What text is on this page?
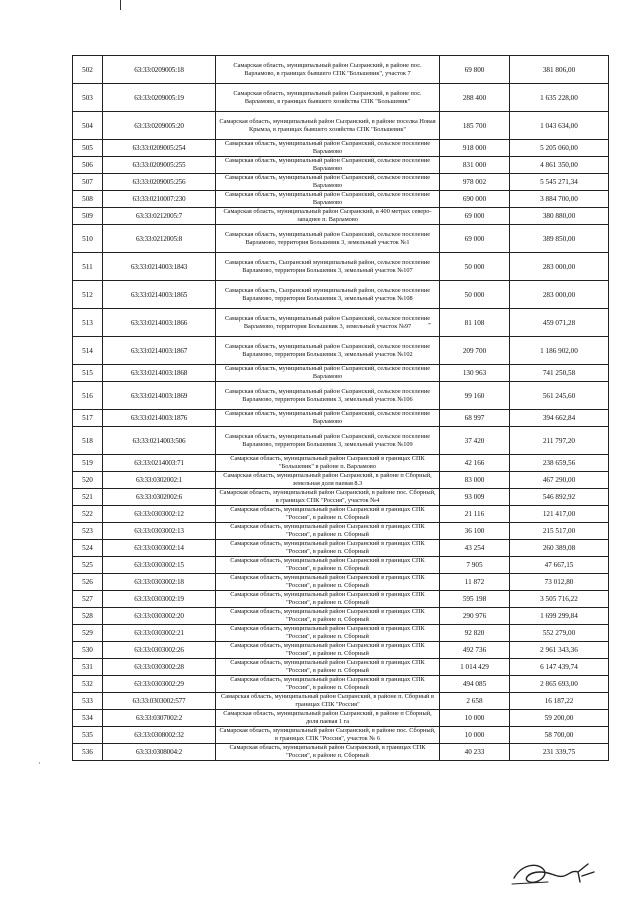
·
-
502	63:33:0209005:18	Самарская область, муниципальный район Сызранский, в районе пос. Варламово, в границах бывшего СПК "Большевик", участок 7	69 800	381 806,00
503	63:33:0209005:19	Самарская область, муниципальный район Сызранский, в районе пос. Варламово, в границах бывшего хозяйства СПК "Большевик"	288 400	1 635 228,00
504	63:33:0209005:20	Самарская область, муниципальный район Сызранский, в районе поселка Новая Крымза, в границах бывшего хозяйства СПК "Большевик"	185 700	1 043 634,00
505	63:33:0209005:254	Самарская область, муниципальный район Сызранский, сельское поселение Варламово	918 000	5 205 060,00
506	63:33:0209005:255	Самарская область, муниципальный район Сызранский, сельское поселение Варламово	831 000	4 861 350,00
507	63:33:0209005:256	Самарская область, муниципальный район Сызранский, сельское поселение Варламово	978 002	5 545 271,34
508	63:33:0210007:230	Самарская область, муниципальный район Сызранский, сельское поселение Варламово	690 000	3 884 700,00
509	63:33:0212005:7	Самарская область, муниципальный район Сызранский, в 400 метрах северо-западнее п. Варламово	69 000	380 880,00
510	63:33:0212005:8	Самарская область, муниципальный район Сызранский, сельское поселение Варламово, территория Большевик 3, земельный участок №1	69 000	389 850,00
511	63:33:0214003:1843	Самарская область, Сызранский муниципальный район, сельское поселение Варламово, территория Большевик 3, земельный участок №107	50 000	283 000,00
512	63:33:0214003:1865	Самарская область, Сызранский муниципальный район, сельское поселение Варламово, территория Большевик 3, земельный участок №108	50 000	283 000,00
513	63:33:0214003:1866	Самарская область, муниципальный район Сызранский, сельское поселение Варламово, территория Большевик 3, земельный участок №97	81 108	459 071,28
514	63:33:0214003:1867	Самарская область, муниципальный район Сызранский, сельское поселение Варламово, территория Большевик 3, земельный участок №102	209 700	1 186 902,00
515	63:33:0214003:1868	Самарская область, муниципальный район Сызранский, сельское поселение Варламово	130 963	741 250,58
516	63:33:0214003:1869	Самарская область, муниципальный район Сызранский, сельское поселение Варламово, территория Большевик 3, земельный участок №106	99 160	561 245,60
517	63:33:0214003:1876	Самарская область, муниципальный район Сызранский, сельское поселение Варламово	68 997	394 662,84
518	63:33:0214003:506	Самарская область, муниципальный район Сызранский, сельское поселение Варламово, территория Большевик 3, земельный участок №109	37 420	211 797,20
519	63:33:0214003:71	Самарская область, муниципальный район Сызранский в границах СПК "Большевик" в районе п. Варламово	42 166	238 659,56
520	63:33:0302002:1	Самарская область, муниципальный район Сызранский, в районе п Сборный, земельная доля паевая 8.3	83 000	467 290,00
521	63:33:0302002:6	Самарская область, муниципальный район Сызранский, в районе пос. Сборный, в границах СПК "Россия", участок №4	93 009	546 892,92
522	63:33:0303002:12	Самарская область, муниципальный район Сызранский в границах СПК "Россия", в районе п. Сборный	21 116	121 417,00
523	63:33:0303002:13	Самарская область, муниципальный район Сызранский в границах СПК "Россия", в районе п. Сборный	36 100	215 517,00
524	63:33:0303002:14	Самарская область, муниципальный район Сызранский в границах СПК "Россия", в районе п. Сборный	43 254	260 389,08
525	63:33:0303002:15	Самарская область, муниципальный район Сызранский в границах СПК "Россия", в районе п. Сборный	7 905	47 667,15
526	63:33:0303002:18	Самарская область, муниципальный район Сызранский в границах СПК "Россия", в районе п. Сборный	11 872	73 012,80
527	63:33:0303002:19	Самарская область, муниципальный район Сызранский в границах СПК "Россия", в районе п. Сборный	595 198	3 505 716,22
528	63:33:0303002:20	Самарская область, муниципальный район Сызранский в границах СПК "Россия", в районе п. Сборный	290 976	1 699 299,84
529	63:33:0303002:21	Самарская область, муниципальный район Сызранский в границах СПК "Россия", в районе п. Сборный	92 820	552 279,00
530	63:33:0303002:26	Самарская область, муниципальный район Сызранский в границах СПК "Россия", в районе п. Сборный	492 736	2 961 343,36
531	63:33:0303002:28	Самарская область, муниципальный район Сызранский в границах СПК "Россия", в районе п. Сборный	1 014 429	6 147 439,74
532	63:33:0303002:29	Самарская область, муниципальный район Сызранский в границах СПК "Россия", в районе п. Сборный	494 085	2 865 693,00
533	63:33:0303002:577	Самарская область, муниципальный район Сызранский, в районе п. Сборный в границах СПК "Россия"	2 658	16 187,22
534	63:33:0307002:2	Самарская область, муниципальный район Сызранский, в районе п Сборный, доля паевая 1 га	10 000	59 200,00
535	63:33:0308002:32	Самарская область, муниципальный район Сызранский, в районе пос. Сборный, в границах СПК "Россия", участок № 6	10 000	58 700,00
536	63:33:0308004:2	Самарская область, муниципальный район Сызранский, в границах СПК "Россия", в районе п. Сборный	40 233	231 339,75
